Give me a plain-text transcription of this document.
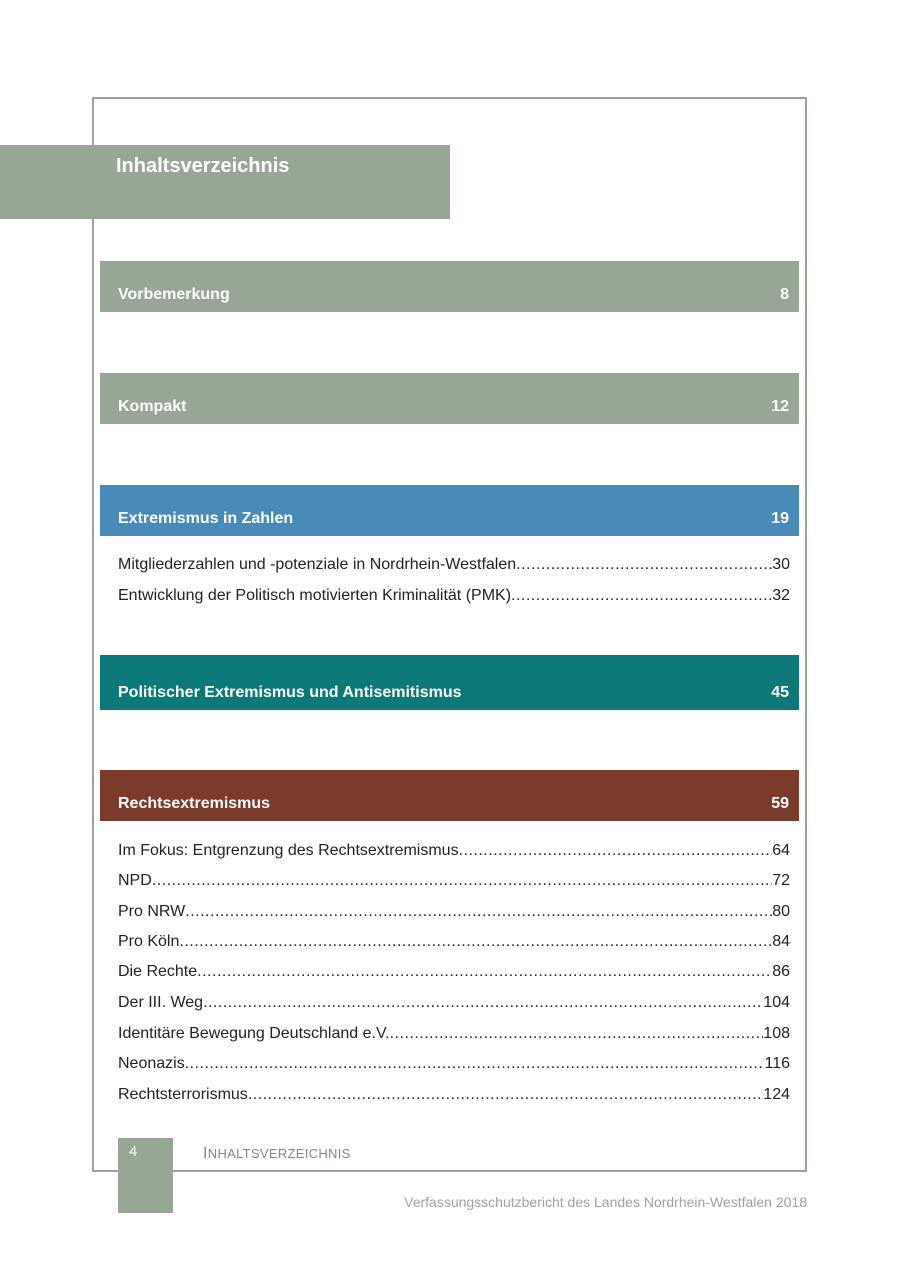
Inhaltsverzeichnis
Vorbemerkung	8
Kompakt	12
Extremismus in Zahlen	19
Mitgliederzahlen und -potenziale in Nordrhein-Westfalen .....	30
Entwicklung der Politisch motivierten Kriminalität (PMK) .....	32
Politischer Extremismus und Antisemitismus	45
Rechtsextremismus	59
Im Fokus: Entgrenzung des Rechtsextremismus .....	64
NPD .....	72
Pro NRW .....	80
Pro Köln .....	84
Die Rechte .....	86
Der III. Weg .....	104
Identitäre Bewegung Deutschland e.V. .....	108
Neonazis .....	116
Rechtsterrorismus .....	124
4	INHALTSVERZEICHNIS
Verfassungsschutzbericht des Landes Nordrhein-Westfalen 2018
